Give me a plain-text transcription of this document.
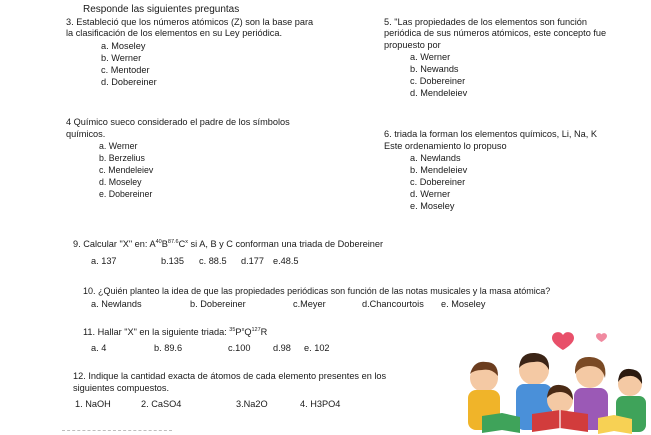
Responde las siguientes preguntas
3. Estableció que los números atómicos (Z) son la base para
la clasificación de los elementos en su Ley periódica.
a. Moseley
b. Werner
c. Mentoder
d. Dobereiner
4 Químico sueco considerado el padre de los símbolos
químicos.
a. Werner
b. Berzelius
c. Mendeleiev
d. Moseley
e. Dobereiner
5. "Las propiedades de los elementos son función
periódica de sus números atómicos, este concepto fue
propuesto por
a. Werner
b. Newands
c. Dobereiner
d. Mendeleiev
6. triada la forman los elementos químicos, Li, Na, K
Este ordenamiento lo propuso
a. Newlands
b. Mendeleiev
c. Dobereiner
d. Werner
e. Moseley
9. Calcular "X" en: $A^{40}B^{87.6}C^x$ si A, B y C conforman una triada de Dobereiner
a. 137	b.135 c. 88.5 d.177 e.48.5
10. ¿Quién planteo la idea de que las propiedades periódicas son función de las notas musicales y la masa atómica?
a. Newlands	b. Dobereiner	c.Meyer	d.Chancourtois e. Moseley
11. Hallar "X" en la siguiente triada: $^{35}P^xQ^{127}R$
a. 4	b. 89.6	c.100 d.98 e. 102
12. Indique la cantidad exacta de átomos de cada elemento presentes en los
siguientes compuestos.
1. NaOH	2. CaSO4	3.Na2O	4. H3PO4
